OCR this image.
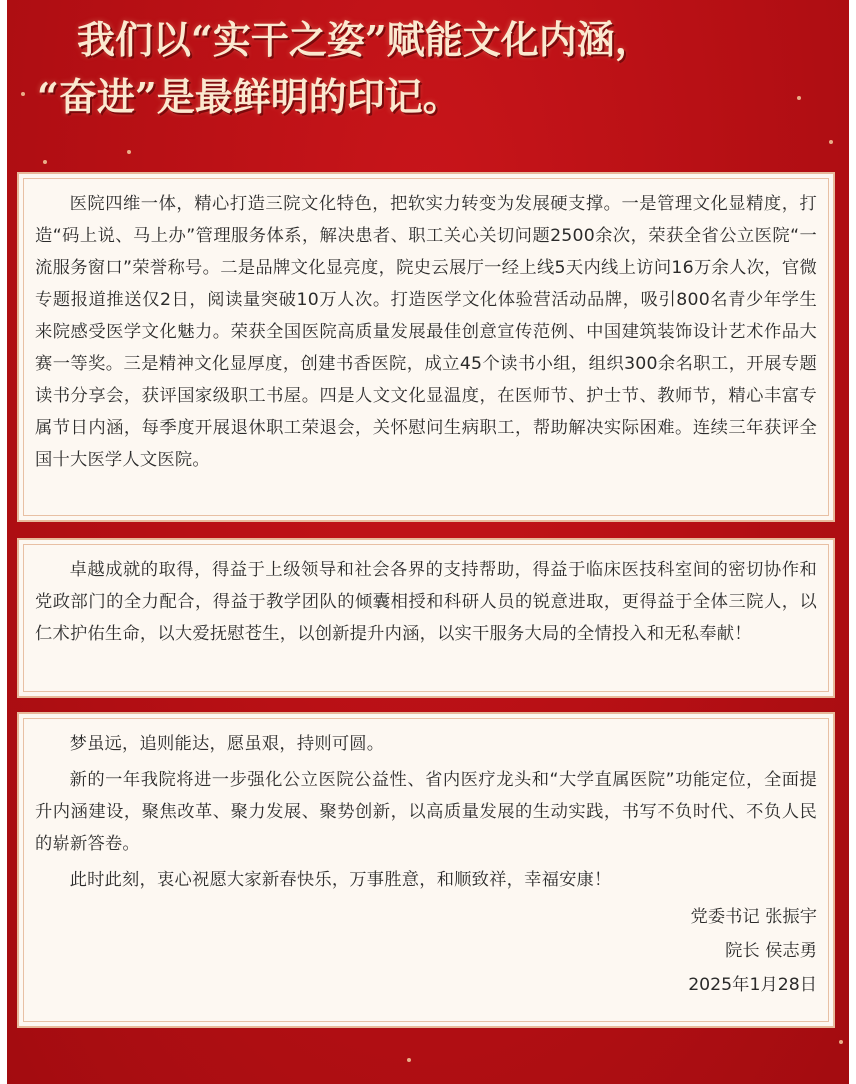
我们以“实干之姿”赋能文化内涵，
“奋进”是最鲜明的印记。

医院四维一体，精心打造三院文化特色，把软实力转变为发展硬支撑。一是管理文化显精度，打造“码上说、马上办”管理服务体系，解决患者、职工关心关切问题2500余次，荣获全省公立医院“一流服务窗口”荣誉称号。二是品牌文化显亮度，院史云展厅一经上线5天内线上访问16万余人次，官微专题报道推送仅2日，阅读量突破10万人次。打造医学文化体验营活动品牌，吸引800名青少年学生来院感受医学文化魅力。荣获全国医院高质量发展最佳创意宣传范例、中国建筑装饰设计艺术作品大赛一等奖。三是精神文化显厚度，创建书香医院，成立45个读书小组，组织300余名职工，开展专题读书分享会，获评国家级职工书屋。四是人文文化显温度，在医师节、护士节、教师节，精心丰富专属节日内涵，每季度开展退休职工荣退会，关怀慰问生病职工，帮助解决实际困难。连续三年获评全国十大医学人文医院。

卓越成就的取得，得益于上级领导和社会各界的支持帮助，得益于临床医技科室间的密切协作和党政部门的全力配合，得益于教学团队的倾囊相授和科研人员的锐意进取，更得益于全体三院人，以仁术护佑生命，以大爱抚慰苍生，以创新提升内涵，以实干服务大局的全情投入和无私奉献！

梦虽远，追则能达，愿虽艰，持则可圆。

新的一年我院将进一步强化公立医院公益性、省内医疗龙头和“大学直属医院”功能定位，全面提升内涵建设，聚焦改革、聚力发展、聚势创新，以高质量发展的生动实践，书写不负时代、不负人民的崭新答卷。

此时此刻，衷心祝愿大家新春快乐，万事胜意，和顺致祥，幸福安康！

党委书记 张振宇
院长 侯志勇
2025年1月28日
